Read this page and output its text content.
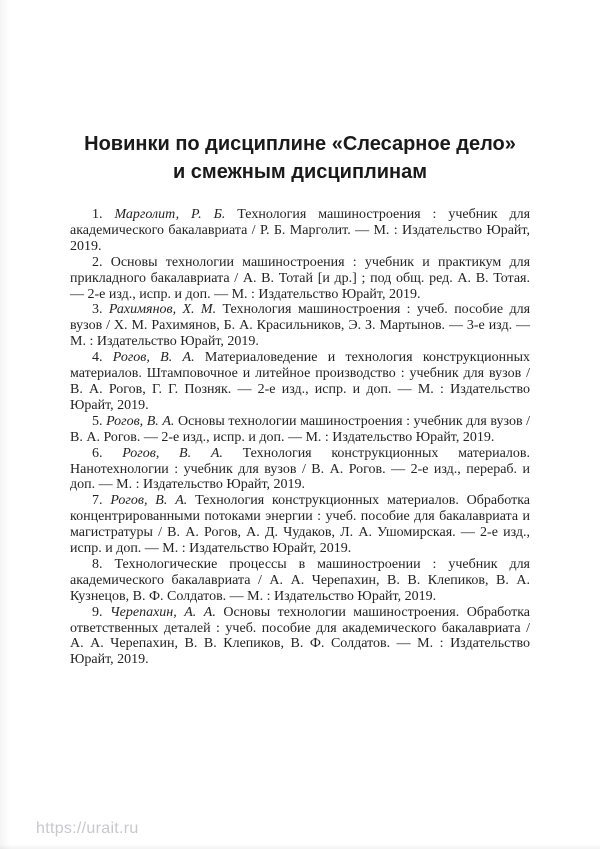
Новинки по дисциплине «Слесарное дело»
и смежным дисциплинам

1. Марголит, Р. Б. Технология машиностроения : учебник для академического бакалавриата / Р. Б. Марголит. — М. : Издательство Юрайт, 2019.

2. Основы технологии машиностроения : учебник и практикум для прикладного бакалавриата / А. В. Тотай [и др.] ; под общ. ред. А. В. Тотая. — 2-е изд., испр. и доп. — М. : Издательство Юрайт, 2019.

3. Рахимянов, Х. М. Технология машиностроения : учеб. пособие для вузов / Х. М. Рахимянов, Б. А. Красильников, Э. З. Мартынов. — 3-е изд. — М. : Издательство Юрайт, 2019.

4. Рогов, В. А. Материаловедение и технология конструкционных материалов. Штамповочное и литейное производство : учебник для вузов / В. А. Рогов, Г. Г. Позняк. — 2-е изд., испр. и доп. — М. : Издательство Юрайт, 2019.

5. Рогов, В. А. Основы технологии машиностроения : учебник для вузов / В. А. Рогов. — 2-е изд., испр. и доп. — М. : Издательство Юрайт, 2019.

6. Рогов, В. А. Технология конструкционных материалов. Нанотехнологии : учебник для вузов / В. А. Рогов. — 2-е изд., перераб. и доп. — М. : Издательство Юрайт, 2019.

7. Рогов, В. А. Технология конструкционных материалов. Обработка концентрированными потоками энергии : учеб. пособие для бакалавриата и магистратуры / В. А. Рогов, А. Д. Чудаков, Л. А. Ушомирская. — 2-е изд., испр. и доп. — М. : Издательство Юрайт, 2019.

8. Технологические процессы в машиностроении : учебник для академического бакалавриата / А. А. Черепахин, В. В. Клепиков, В. А. Кузнецов, В. Ф. Солдатов. — М. : Издательство Юрайт, 2019.

9. Черепахин, А. А. Основы технологии машиностроения. Обработка ответственных деталей : учеб. пособие для академического бакалавриата / А. А. Черепахин, В. В. Клепиков, В. Ф. Солдатов. — М. : Издательство Юрайт, 2019.

https://urait.ru
